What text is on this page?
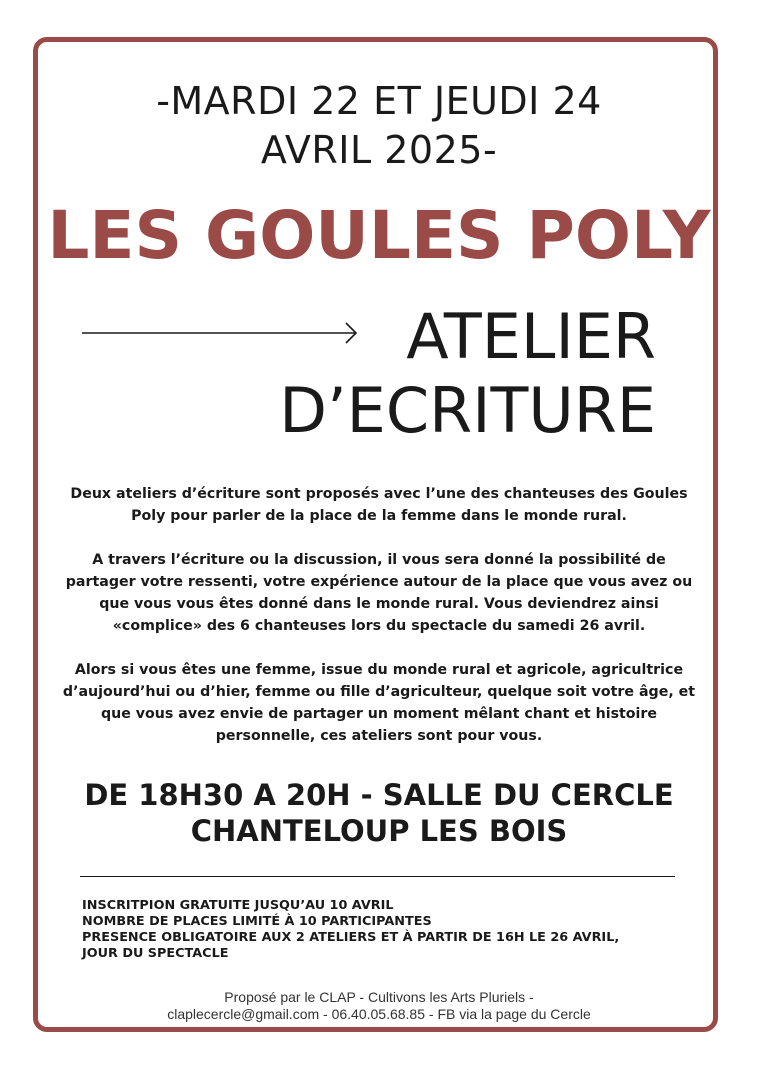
-MARDI 22 ET JEUDI 24
AVRIL 2025-
LES GOULES POLY
ATELIER
D’ECRITURE
Deux ateliers d’écriture sont proposés avec l’une des chanteuses des Goules Poly pour parler de la place de la femme dans le monde rural.
A travers l’écriture ou la discussion, il vous sera donné la possibilité de partager votre ressenti, votre expérience autour de la place que vous avez ou que vous vous êtes donné dans le monde rural. Vous deviendrez ainsi «complice» des 6 chanteuses lors du spectacle du samedi 26 avril.
Alors si vous êtes une femme, issue du monde rural et agricole, agricultrice d’aujourd’hui ou d’hier, femme ou fille d’agriculteur, quelque soit votre âge, et que vous avez envie de partager un moment mêlant chant et histoire personnelle, ces ateliers sont pour vous.
DE 18H30 A 20H - SALLE DU CERCLE
CHANTELOUP LES BOIS
INSCRITPION GRATUITE JUSQU’AU 10 AVRIL
NOMBRE DE PLACES LIMITÉ À 10 PARTICIPANTES
PRESENCE OBLIGATOIRE AUX 2 ATELIERS ET À PARTIR DE 16H LE 26 AVRIL,
JOUR DU SPECTACLE
Proposé par le CLAP - Cultivons les Arts Pluriels -
claplecercle@gmail.com - 06.40.05.68.85 - FB via la page du Cercle
